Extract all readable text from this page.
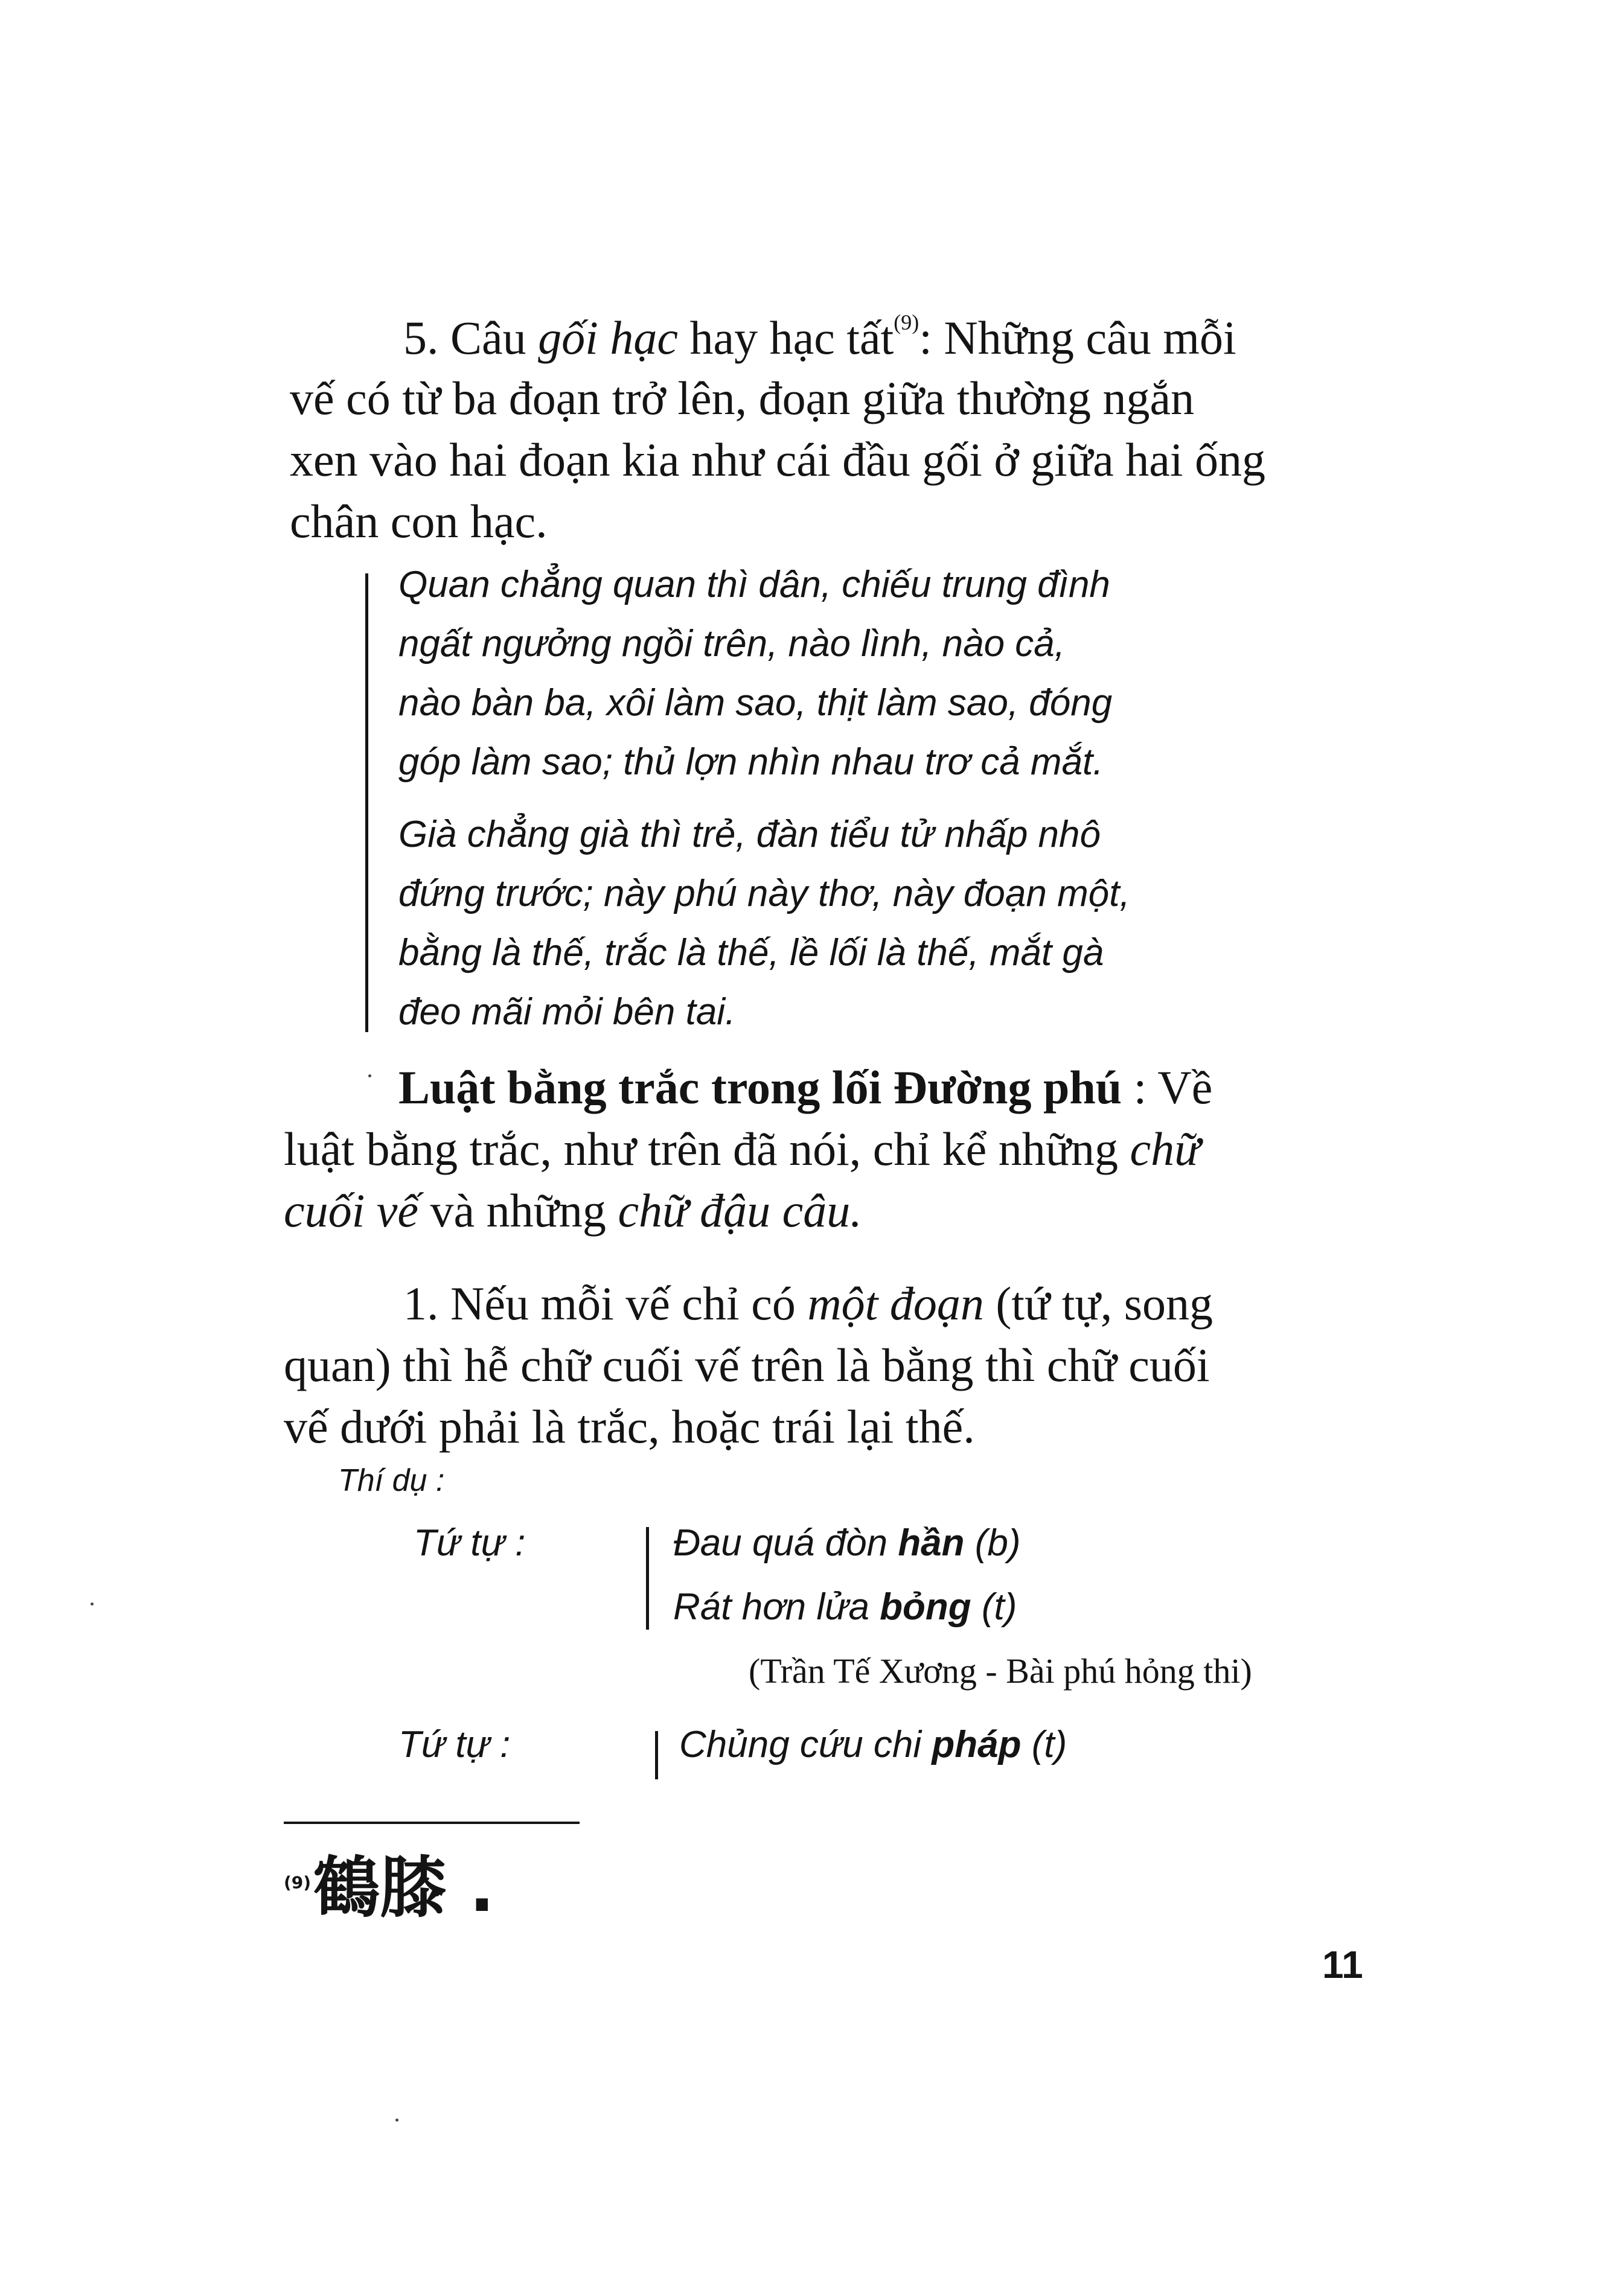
5. Câu gối hạc hay hạc tất$^{(9)}$: Những câu mỗi
vế có từ ba đoạn trở lên, đoạn giữa thường ngắn
xen vào hai đoạn kia như cái đầu gối ở giữa hai ống
chân con hạc.
Quan chẳng quan thì dân, chiếu trung đình
ngất ngưởng ngồi trên, nào lình, nào cả,
nào bàn ba, xôi làm sao, thịt làm sao, đóng
góp làm sao; thủ lợn nhìn nhau trơ cả mắt.
Già chẳng già thì trẻ, đàn tiểu tử nhấp nhô
đứng trước; này phú này thơ, này đoạn một,
bằng là thế, trắc là thế, lề lối là thế, mắt gà
đeo mãi mỏi bên tai.
Luật bằng trắc trong lối Đường phú : Về
luật bằng trắc, như trên đã nói, chỉ kể những chữ
cuối vế và những chữ đậu câu.
1. Nếu mỗi vế chỉ có một đoạn (tứ tự, song
quan) thì hễ chữ cuối vế trên là bằng thì chữ cuối
vế dưới phải là trắc, hoặc trái lại thế.
Thí dụ :
Tứ tự :	Đau quá đòn hần (b)
Rát hơn lửa bỏng (t)
(Trần Tế Xương - Bài phú hỏng thi)
Tứ tự :	Chủng cứu chi pháp (t)
(9) 鶴膝 .
11
